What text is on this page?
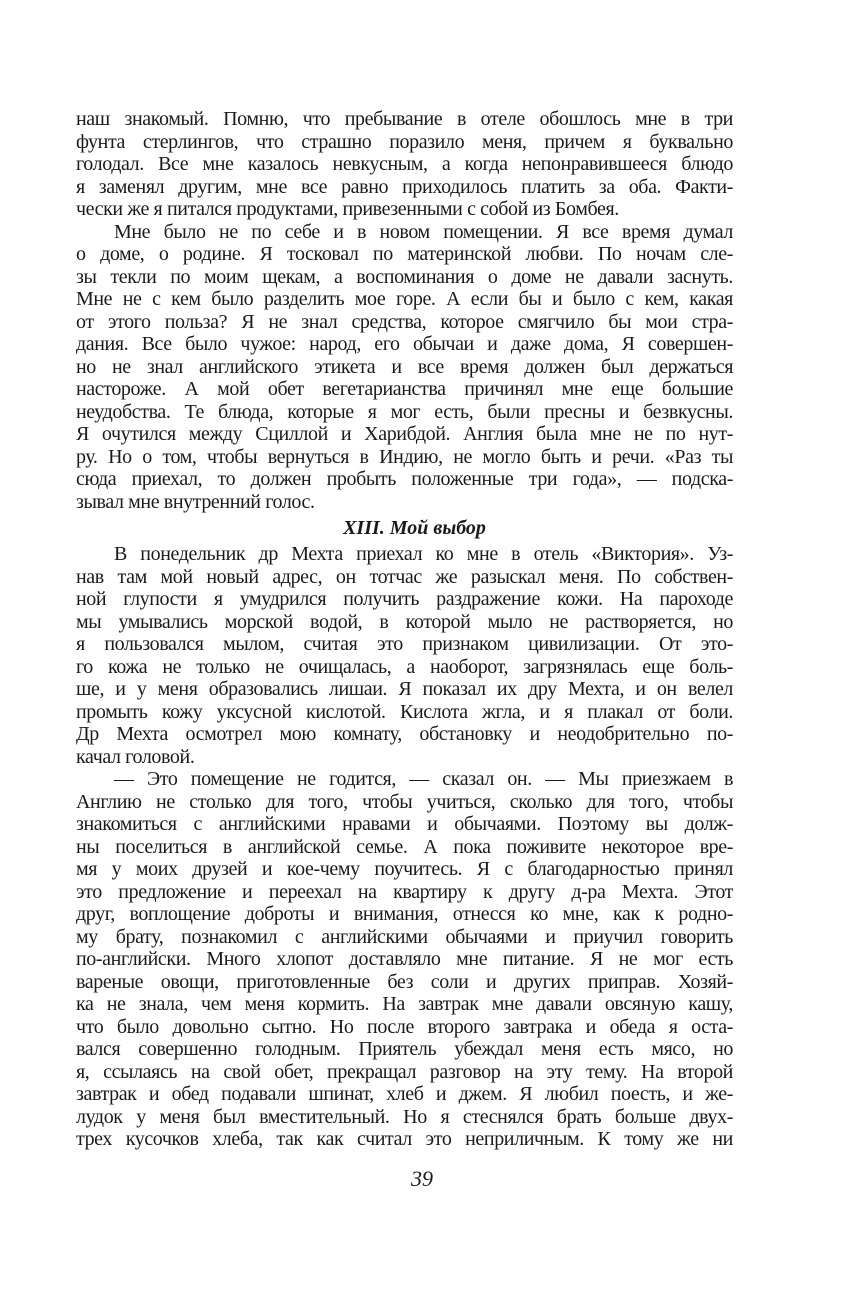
наш знакомый. Помню, что пребывание в отеле обошлось мне в три
фунта стерлингов, что страшно поразило меня, причем я буквально
голодал. Все мне казалось невкусным, а когда непонравившееся блюдо
я заменял другим, мне все равно приходилось платить за оба. Факти-
чески же я питался продуктами, привезенными с собой из Бомбея.
Мне было не по себе и в новом помещении. Я все время думал
о доме, о родине. Я тосковал по материнской любви. По ночам сле-
зы текли по моим щекам, а воспоминания о доме не давали заснуть.
Мне не с кем было разделить мое горе. А если бы и было с кем, какая
от этого польза? Я не знал средства, которое смягчило бы мои стра-
дания. Все было чужое: народ, его обычаи и даже дома, Я совершен-
но не знал английского этикета и все время должен был держаться
настороже. А мой обет вегетарианства причинял мне еще большие
неудобства. Те блюда, которые я мог есть, были пресны и безвкусны.
Я очутился между Сциллой и Харибдой. Англия была мне не по нут-
ру. Но о том, чтобы вернуться в Индию, не могло быть и речи. «Раз ты
сюда приехал, то должен пробыть положенные три года», — подска-
зывал мне внутренний голос.
XIII. Мой выбор
В понедельник др Мехта приехал ко мне в отель «Виктория». Уз-
нав там мой новый адрес, он тотчас же разыскал меня. По собствен-
ной глупости я умудрился получить раздражение кожи. На пароходе
мы умывались морской водой, в которой мыло не растворяется, но
я пользовался мылом, считая это признаком цивилизации. От это-
го кожа не только не очищалась, а наоборот, загрязнялась еще боль-
ше, и у меня образовались лишаи. Я показал их дру Мехта, и он велел
промыть кожу уксусной кислотой. Кислота жгла, и я плакал от боли.
Др Мехта осмотрел мою комнату, обстановку и неодобрительно по-
качал головой.
— Это помещение не годится, — сказал он. — Мы приезжаем в
Англию не столько для того, чтобы учиться, сколько для того, чтобы
знакомиться с английскими нравами и обычаями. Поэтому вы долж-
ны поселиться в английской семье. А пока поживите некоторое вре-
мя у моих друзей и кое-чему поучитесь. Я с благодарностью принял
это предложение и переехал на квартиру к другу д-ра Мехта. Этот
друг, воплощение доброты и внимания, отнесся ко мне, как к родно-
му брату, познакомил с английскими обычаями и приучил говорить
по-английски. Много хлопот доставляло мне питание. Я не мог есть
вареные овощи, приготовленные без соли и других приправ. Хозяй-
ка не знала, чем меня кормить. На завтрак мне давали овсяную кашу,
что было довольно сытно. Но после второго завтрака и обеда я оста-
вался совершенно голодным. Приятель убеждал меня есть мясо, но
я, ссылаясь на свой обет, прекращал разговор на эту тему. На второй
завтрак и обед подавали шпинат, хлеб и джем. Я любил поесть, и же-
лудок у меня был вместительный. Но я стеснялся брать больше двух-
трех кусочков хлеба, так как считал это неприличным. К тому же ни
39
